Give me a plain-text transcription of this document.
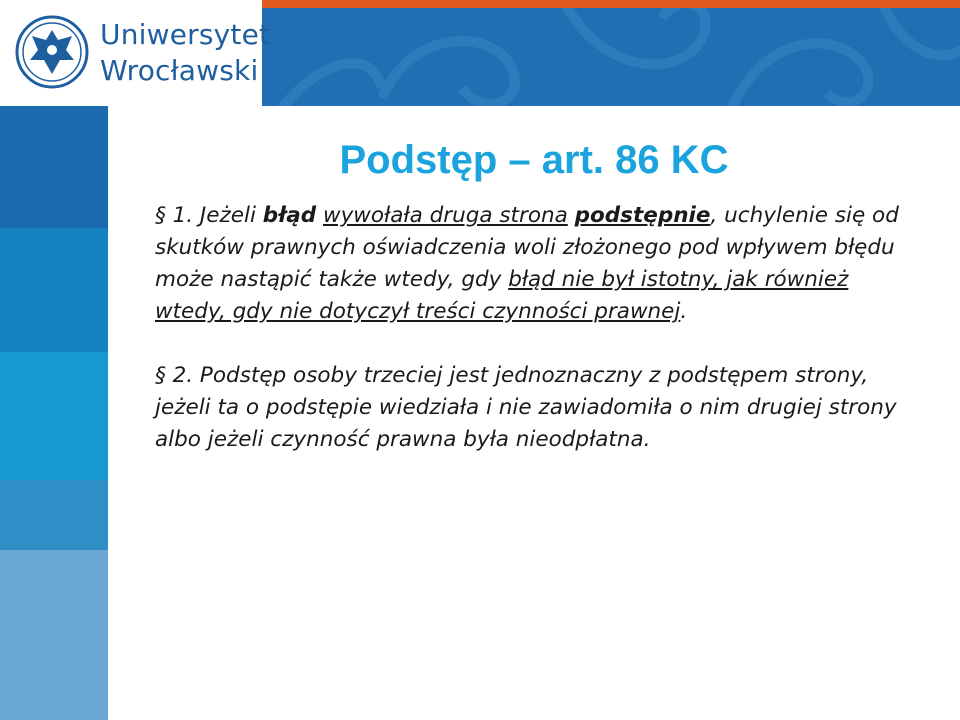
Uniwersytet
Wrocławski
Podstęp – art. 86 KC

§ 1. Jeżeli błąd wywołała druga strona podstępnie, uchylenie się od skutków prawnych oświadczenia woli złożonego pod wpływem błędu może nastąpić także wtedy, gdy błąd nie był istotny, jak również wtedy, gdy nie dotyczył treści czynności prawnej.

§ 2. Podstęp osoby trzeciej jest jednoznaczny z podstępem strony, jeżeli ta o podstępie wiedziała i nie zawiadomiła o nim drugiej strony albo jeżeli czynność prawna była nieodpłatna.
